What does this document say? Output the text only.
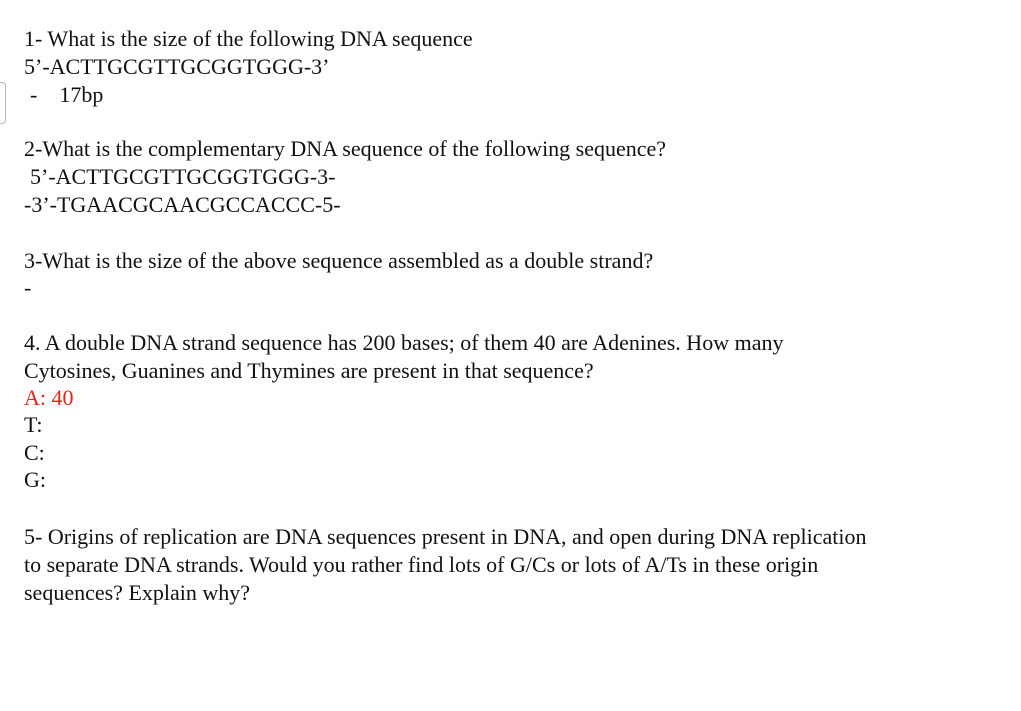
1- What is the size of the following DNA sequence
5’-ACTTGCGTTGCGGTGGG-3’
-    17bp
2-What is the complementary DNA sequence of the following sequence?
5’-ACTTGCGTTGCGGTGGG-3-
-3’-TGAACGCAACGCCACCC-5-
3-What is the size of the above sequence assembled as a double strand?
-
4. A double DNA strand sequence has 200 bases; of them 40 are Adenines. How many
Cytosines, Guanines and Thymines are present in that sequence?
A: 40
T:
C:
G:
5- Origins of replication are DNA sequences present in DNA, and open during DNA replication
to separate DNA strands. Would you rather find lots of G/Cs or lots of A/Ts in these origin
sequences? Explain why?
